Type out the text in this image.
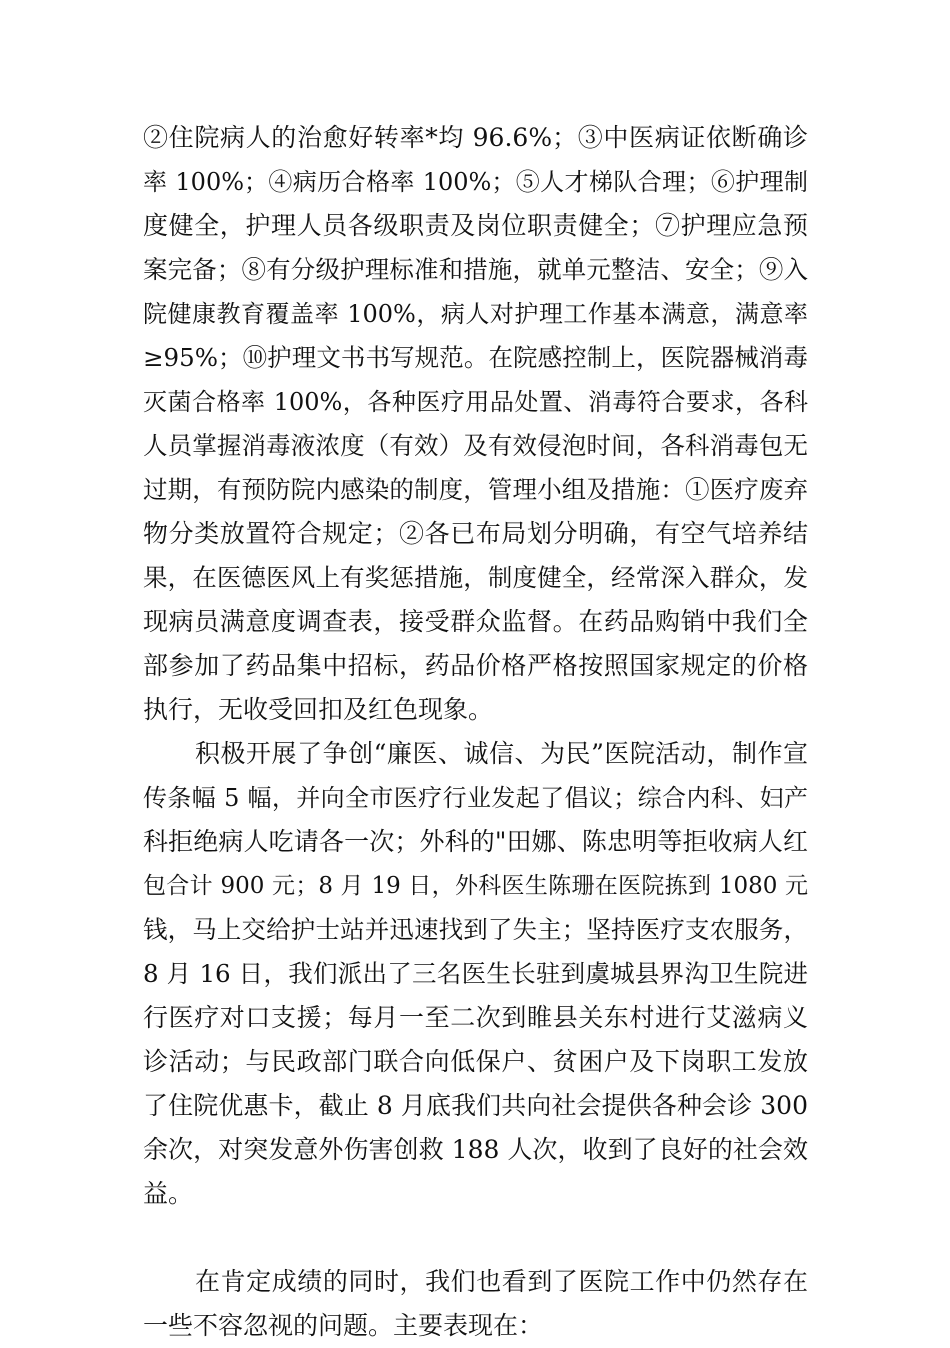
②住院病人的治愈好转率*均 96.6%；③中医病证依断确诊
率 100%；④病历合格率 100%；⑤人才梯队合理；⑥护理制
度健全，护理人员各级职责及岗位职责健全；⑦护理应急预
案完备；⑧有分级护理标准和措施，就单元整洁、安全；⑨入
院健康教育覆盖率 100%，病人对护理工作基本满意，满意率
≥95%；⑩护理文书书写规范。在院感控制上，医院器械消毒
灭菌合格率 100%，各种医疗用品处置、消毒符合要求，各科
人员掌握消毒液浓度（有效）及有效侵泡时间，各科消毒包无
过期，有预防院内感染的制度，管理小组及措施：①医疗废弃
物分类放置符合规定；②各已布局划分明确，有空气培养结
果，在医德医风上有奖惩措施，制度健全，经常深入群众，发
现病员满意度调查表，接受群众监督。在药品购销中我们全
部参加了药品集中招标，药品价格严格按照国家规定的价格
执行，无收受回扣及红色现象。
积极开展了争创“廉医、诚信、为民”医院活动，制作宣
传条幅 5 幅，并向全市医疗行业发起了倡议；综合内科、妇产
科拒绝病人吃请各一次；外科的"田娜、陈忠明等拒收病人红
包合计 900 元；8 月 19 日，外科医生陈珊在医院拣到 1080 元
钱，马上交给护士站并迅速找到了失主；坚持医疗支农服务，
8 月 16 日，我们派出了三名医生长驻到虞城县界沟卫生院进
行医疗对口支援；每月一至二次到睢县关东村进行艾滋病义
诊活动；与民政部门联合向低保户、贫困户及下岗职工发放
了住院优惠卡，截止 8 月底我们共向社会提供各种会诊 300
余次，对突发意外伤害创救 188 人次，收到了良好的社会效
益。
在肯定成绩的同时，我们也看到了医院工作中仍然存在
一些不容忽视的问题。主要表现在：
